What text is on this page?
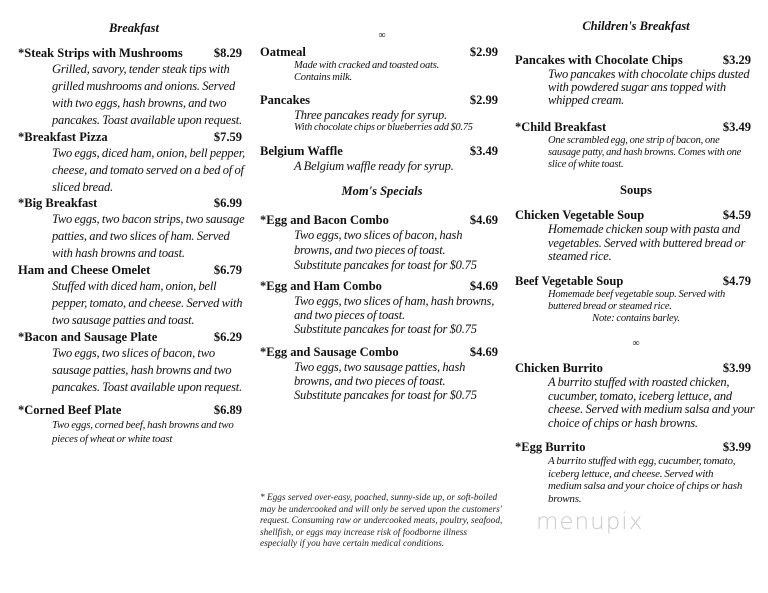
Breakfast
*Steak Strips with Mushrooms $8.29
Grilled, savory, tender steak tips with
grilled mushrooms and onions. Served
with two eggs, hash browns, and two
pancakes. Toast available upon request.
*Breakfast Pizza	$7.59
Two eggs, diced ham, onion, bell pepper,
cheese, and tomato served on a bed of of
sliced bread.
*Big Breakfast	$6.99
Two eggs, two bacon strips, two sausage
patties, and two slices of ham. Served
with hash browns and toast.
Ham and Cheese Omelet	$6.79
Stuffed with diced ham, onion, bell
pepper, tomato, and cheese. Served with
two sausage patties and toast.
*Bacon and Sausage Plate	$6.29
Two eggs, two slices of bacon, two
sausage patties, hash browns and two
pancakes. Toast available upon request.
*Corned Beef Plate	$6.89
Two eggs, corned beef, hash browns and two
pieces of wheat or white toast
∞
Oatmeal	$2.99
Made with cracked and toasted oats.
Contains milk.
Pancakes	$2.99
Three pancakes ready for syrup.
With chocolate chips or blueberries add $0.75
Belgium Waffle	$3.49
A Belgium waffle ready for syrup.
Mom's Specials
*Egg and Bacon Combo	$4.69
Two eggs, two slices of bacon, hash
browns, and two pieces of toast.
Substitute pancakes for toast for $0.75
*Egg and Ham Combo	$4.69
Two eggs, two slices of ham, hash browns,
and two pieces of toast.
Substitute pancakes for toast for $0.75
*Egg and Sausage Combo	$4.69
Two eggs, two sausage patties, hash
browns, and two pieces of toast.
Substitute pancakes for toast for $0.75
* Eggs served over-easy, poached, sunny-side up, or soft-boiled may be undercooked and will only be served upon the customers' request. Consuming raw or undercooked meats, poultry, seafood, shellfish, or eggs may increase risk of foodborne illness especially if you have certain medical conditions.
Children's Breakfast
Pancakes with Chocolate Chips	$3.29
Two pancakes with chocolate chips dusted
with powdered sugar ans topped with
whipped cream.
*Child Breakfast	$3.49
One scrambled egg, one strip of bacon, one
sausage patty, and hash browns. Comes with one
slice of white toast.
Soups
Chicken Vegetable Soup	$4.59
Homemade chicken soup with pasta and
vegetables. Served with buttered bread or
steamed rice.
Beef Vegetable Soup	$4.79
Homemade beef vegetable soup. Served with
buttered bread or steamed rice.
Note: contains barley.
∞
Chicken Burrito	$3.99
A burrito stuffed with roasted chicken,
cucumber, tomato, iceberg lettuce, and
cheese. Served with medium salsa and your
choice of chips or hash browns.
*Egg Burrito	$3.99
A burrito stuffed with egg, cucumber, tomato,
iceberg lettuce, and cheese. Served with
medium salsa and your choice of chips or hash
browns.
menupix
